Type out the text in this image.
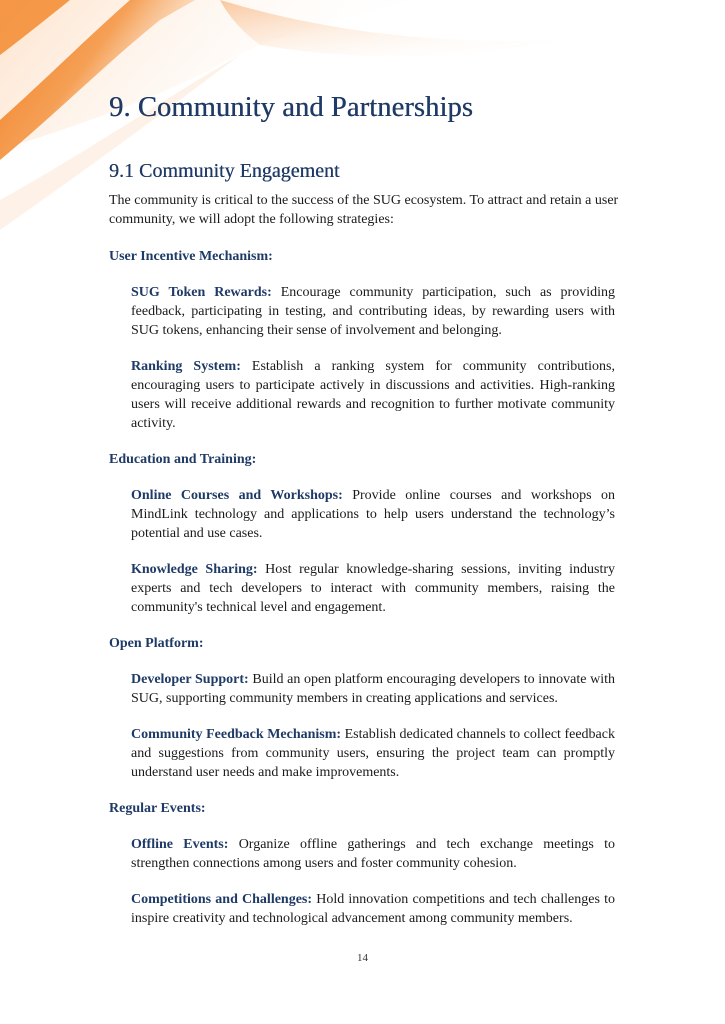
9. Community and Partnerships
9.1 Community Engagement

The community is critical to the success of the SUG ecosystem. To attract and retain a user community, we will adopt the following strategies:

User Incentive Mechanism:

SUG Token Rewards: Encourage community participation, such as providing feedback, participating in testing, and contributing ideas, by rewarding users with SUG tokens, enhancing their sense of involvement and belonging.

Ranking System: Establish a ranking system for community contributions, encouraging users to participate actively in discussions and activities. High-ranking users will receive additional rewards and recognition to further motivate community activity.

Education and Training:

Online Courses and Workshops: Provide online courses and workshops on MindLink technology and applications to help users understand the technology’s potential and use cases.

Knowledge Sharing: Host regular knowledge-sharing sessions, inviting industry experts and tech developers to interact with community members, raising the community's technical level and engagement.

Open Platform:

Developer Support: Build an open platform encouraging developers to innovate with SUG, supporting community members in creating applications and services.

Community Feedback Mechanism: Establish dedicated channels to collect feedback and suggestions from community users, ensuring the project team can promptly understand user needs and make improvements.

Regular Events:

Offline Events: Organize offline gatherings and tech exchange meetings to strengthen connections among users and foster community cohesion.

Competitions and Challenges: Hold innovation competitions and tech challenges to inspire creativity and technological advancement among community members.

14
